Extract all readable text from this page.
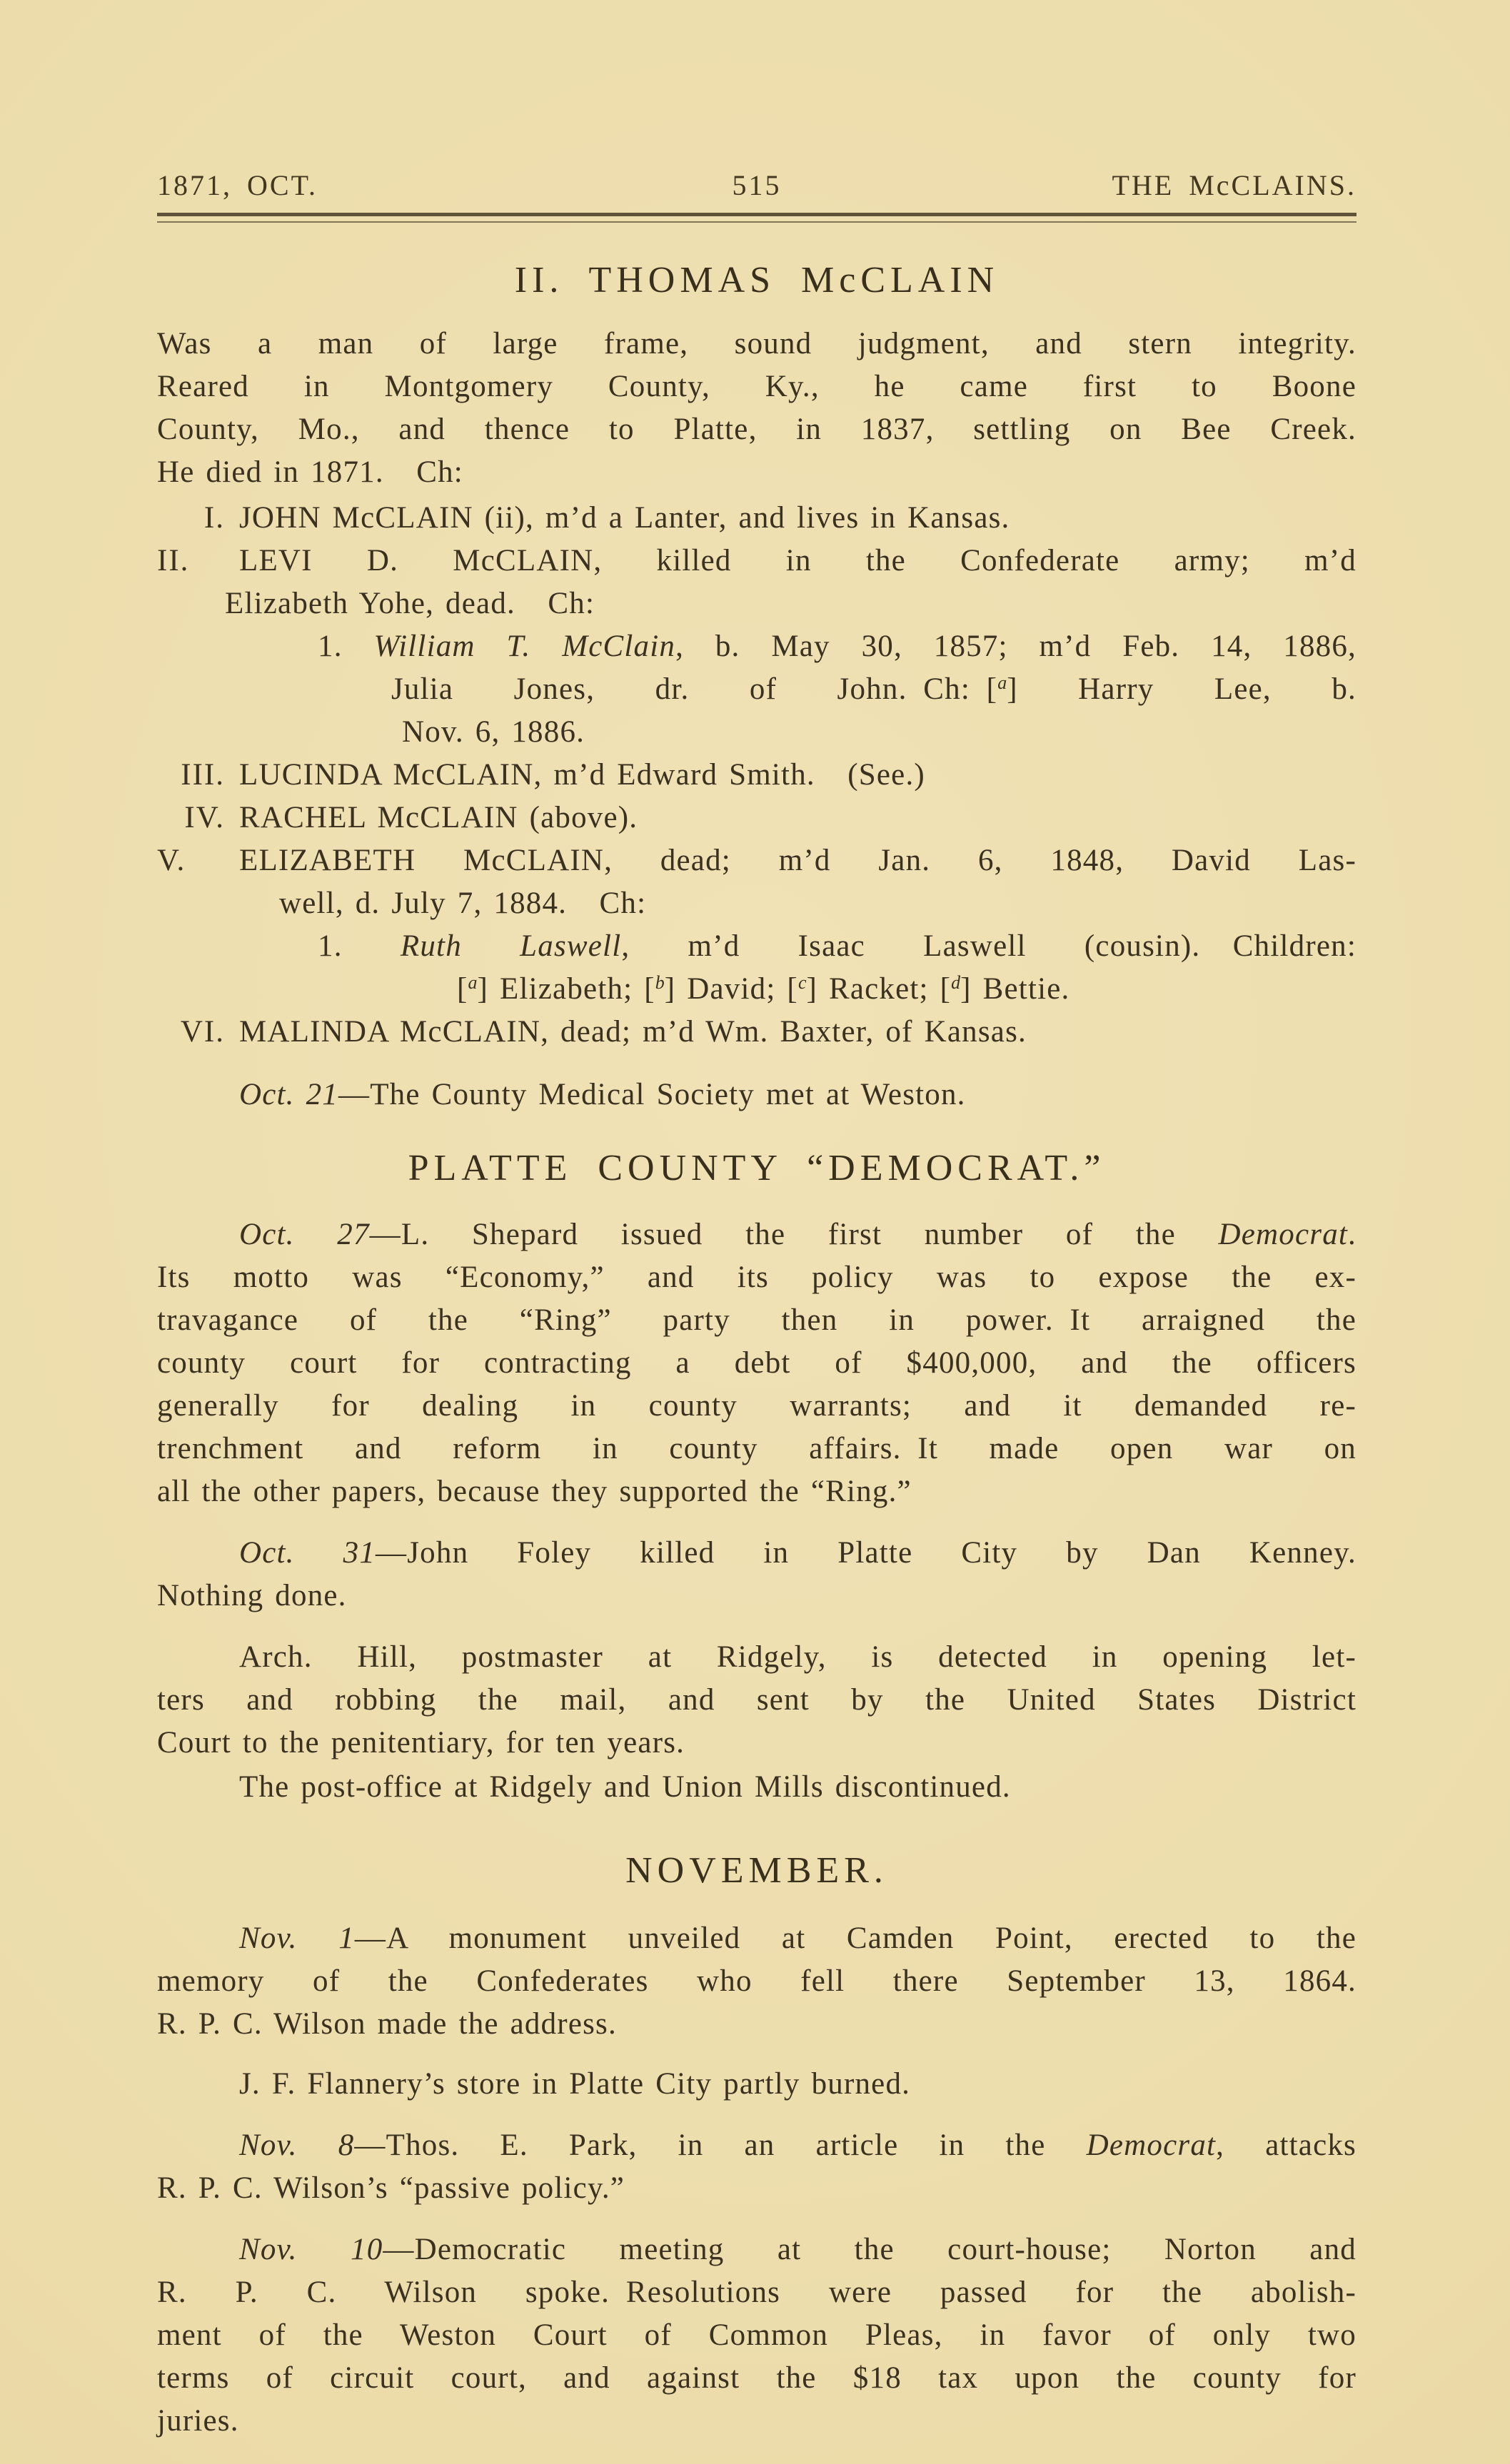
1871, OCT.	515	THE McCLAINS.
II. THOMAS McCLAIN
Was a man of large frame, sound judgment, and stern integrity.
Reared in Montgomery County, Ky., he came first to Boone
County, Mo., and thence to Platte, in 1837, settling on Bee Creek.
He died in 1871.  Ch:
I. JOHN McCLAIN (ii), m’d a Lanter, and lives in Kansas.
II. LEVI D. McCLAIN, killed in the Confederate army; m’d
Elizabeth Yohe, dead.  Ch:
1. William T. McClain, b. May 30, 1857; m’d Feb. 14, 1886,
Julia Jones, dr. of John. Ch: [$^a$] Harry Lee, b.
Nov. 6, 1886.
III. LUCINDA McCLAIN, m’d Edward Smith.  (See.)
IV. RACHEL McCLAIN (above).
V. ELIZABETH McCLAIN, dead; m’d Jan. 6, 1848, David Las-
well, d. July 7, 1884.  Ch:
1. Ruth Laswell, m’d Isaac Laswell (cousin).  Children:
[$^a$] Elizabeth; [$^b$] David; [$^c$] Racket; [$^d$] Bettie.
VI. MALINDA McCLAIN, dead; m’d Wm. Baxter, of Kansas.
Oct. 21—The County Medical Society met at Weston.
PLATTE COUNTY “DEMOCRAT.”
Oct. 27—L. Shepard issued the first number of the Democrat.
Its motto was “Economy,” and its policy was to expose the ex-
travagance of the “Ring” party then in power. It arraigned the
county court for contracting a debt of $400,000, and the officers
generally for dealing in county warrants; and it demanded re-
trenchment and reform in county affairs. It made open war on
all the other papers, because they supported the “Ring.”
Oct. 31—John Foley killed in Platte City by Dan Kenney.
Nothing done.
Arch. Hill, postmaster at Ridgely, is detected in opening let-
ters and robbing the mail, and sent by the United States District
Court to the penitentiary, for ten years.
The post-office at Ridgely and Union Mills discontinued.
NOVEMBER.
Nov. 1—A monument unveiled at Camden Point, erected to the
memory of the Confederates who fell there September 13, 1864.
R. P. C. Wilson made the address.
J. F. Flannery’s store in Platte City partly burned.
Nov. 8—Thos. E. Park, in an article in the Democrat, attacks
R. P. C. Wilson’s “passive policy.”
Nov. 10—Democratic meeting at the court-house; Norton and
R. P. C. Wilson spoke. Resolutions were passed for the abolish-
ment of the Weston Court of Common Pleas, in favor of only two
terms of circuit court, and against the $18 tax upon the county for
juries.
